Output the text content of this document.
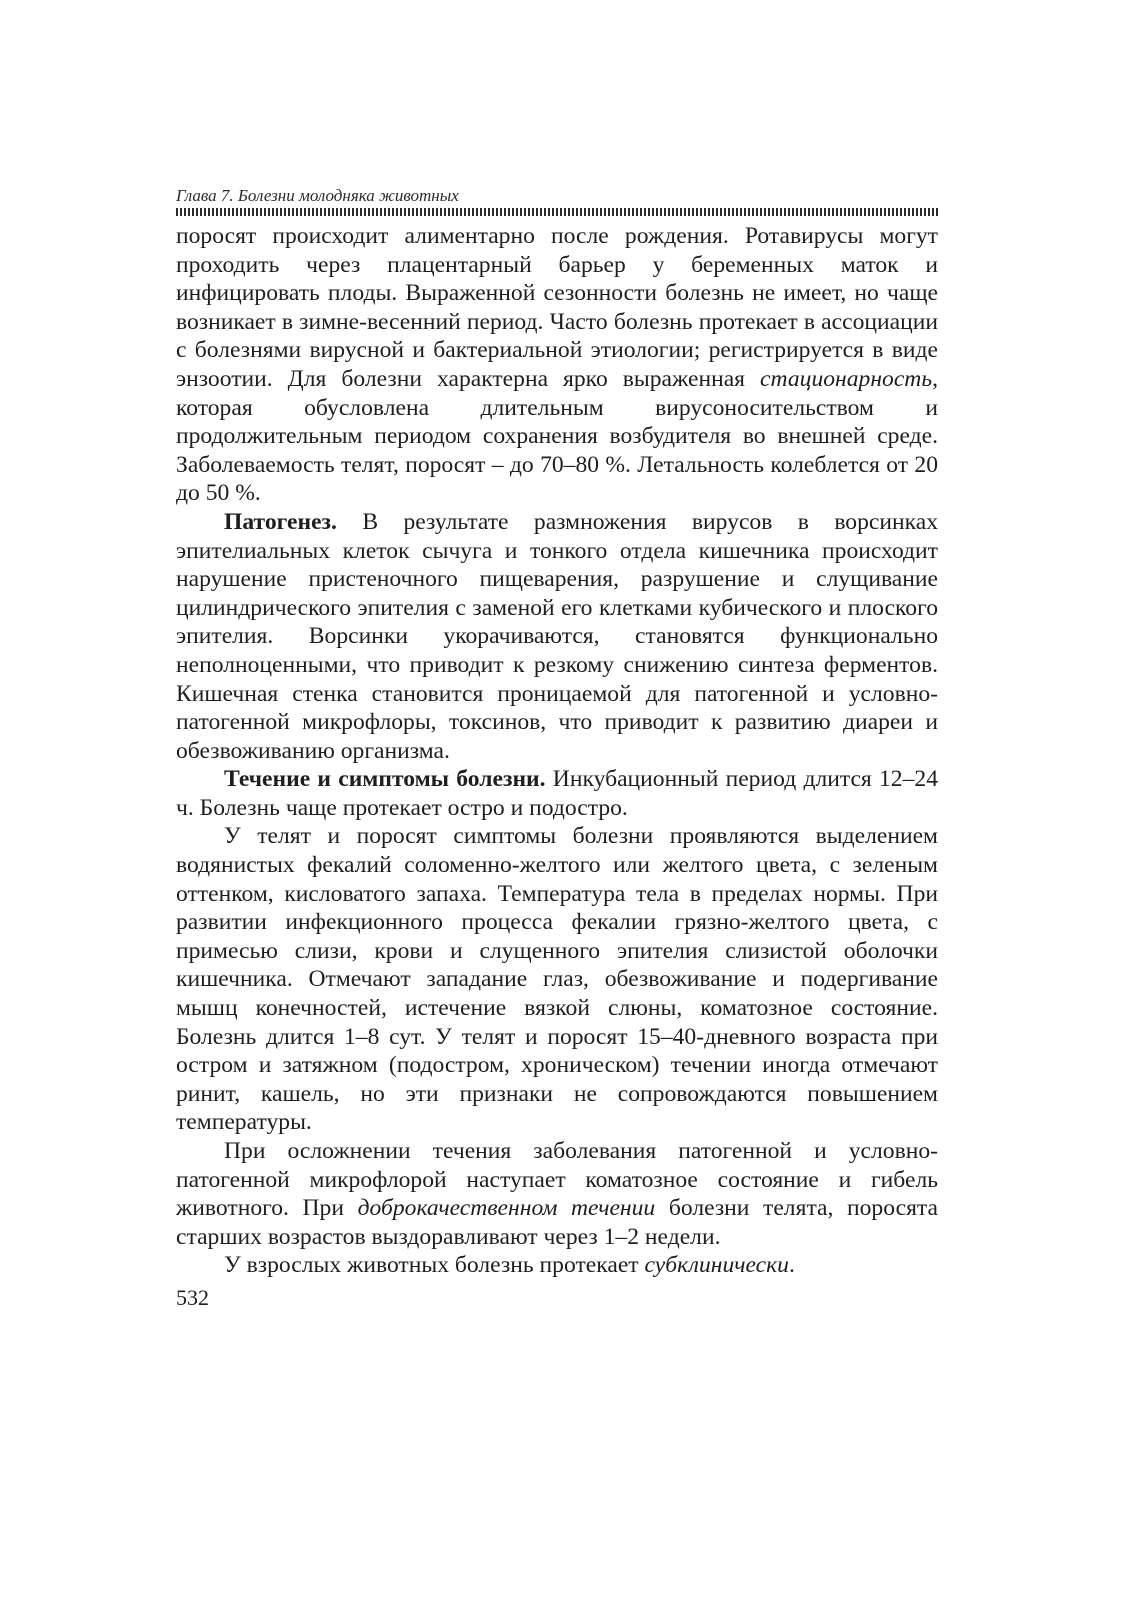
Глава 7. Болезни молодняка животных

поросят происходит алиментарно после рождения. Ротавирусы могут проходить через плацентарный барьер у беременных маток и инфицировать плоды. Выраженной сезонности болезнь не имеет, но чаще возникает в зимне-весенний период. Часто болезнь протекает в ассоциации с болезнями вирусной и бактериальной этиологии; регистрируется в виде энзоотии. Для болезни характерна ярко выраженная стационарность, которая обусловлена длительным вирусоносительством и продолжительным периодом сохранения возбудителя во внешней среде. Заболеваемость телят, поросят – до 70–80 %. Летальность колеблется от 20 до 50 %.

Патогенез. В результате размножения вирусов в ворсинках эпителиальных клеток сычуга и тонкого отдела кишечника происходит нарушение пристеночного пищеварения, разрушение и слущивание цилиндрического эпителия с заменой его клетками кубического и плоского эпителия. Ворсинки укорачиваются, становятся функционально неполноценными, что приводит к резкому снижению синтеза ферментов. Кишечная стенка становится проницаемой для патогенной и условно-патогенной микрофлоры, токсинов, что приводит к развитию диареи и обезвоживанию организма.

Течение и симптомы болезни. Инкубационный период длится 12–24 ч. Болезнь чаще протекает остро и подостро.

У телят и поросят симптомы болезни проявляются выделением водянистых фекалий соломенно-желтого или желтого цвета, с зеленым оттенком, кисловатого запаха. Температура тела в пределах нормы. При развитии инфекционного процесса фекалии грязно-желтого цвета, с примесью слизи, крови и слущенного эпителия слизистой оболочки кишечника. Отмечают западание глаз, обезвоживание и подергивание мышц конечностей, истечение вязкой слюны, коматозное состояние. Болезнь длится 1–8 сут. У телят и поросят 15–40-дневного возраста при остром и затяжном (подостром, хроническом) течении иногда отмечают ринит, кашель, но эти признаки не сопровождаются повышением температуры.

При осложнении течения заболевания патогенной и условно-патогенной микрофлорой наступает коматозное состояние и гибель животного. При доброкачественном течении болезни телята, поросята старших возрастов выздоравливают через 1–2 недели.

У взрослых животных болезнь протекает субклинически.

532
